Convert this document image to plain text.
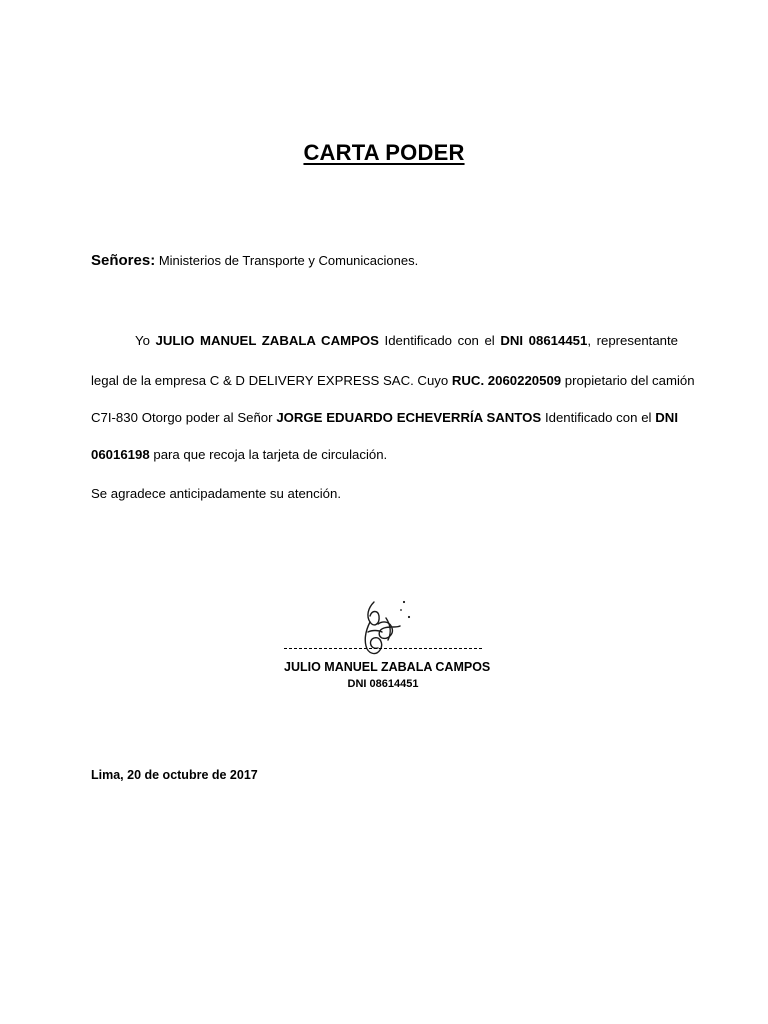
CARTA PODER
Señores: Ministerios de Transporte y Comunicaciones.
Yo JULIO MANUEL ZABALA CAMPOS Identificado con el DNI 08614451, representante
legal de la empresa C & D DELIVERY EXPRESS SAC. Cuyo RUC. 2060220509 propietario del camión
C7I-830 Otorgo poder al Señor JORGE EDUARDO ECHEVERRÍA SANTOS Identificado con el DNI
06016198 para que recoja la tarjeta de circulación.
Se agradece anticipadamente su atención.
JULIO MANUEL ZABALA CAMPOS
DNI 08614451
Lima, 20 de octubre de 2017
